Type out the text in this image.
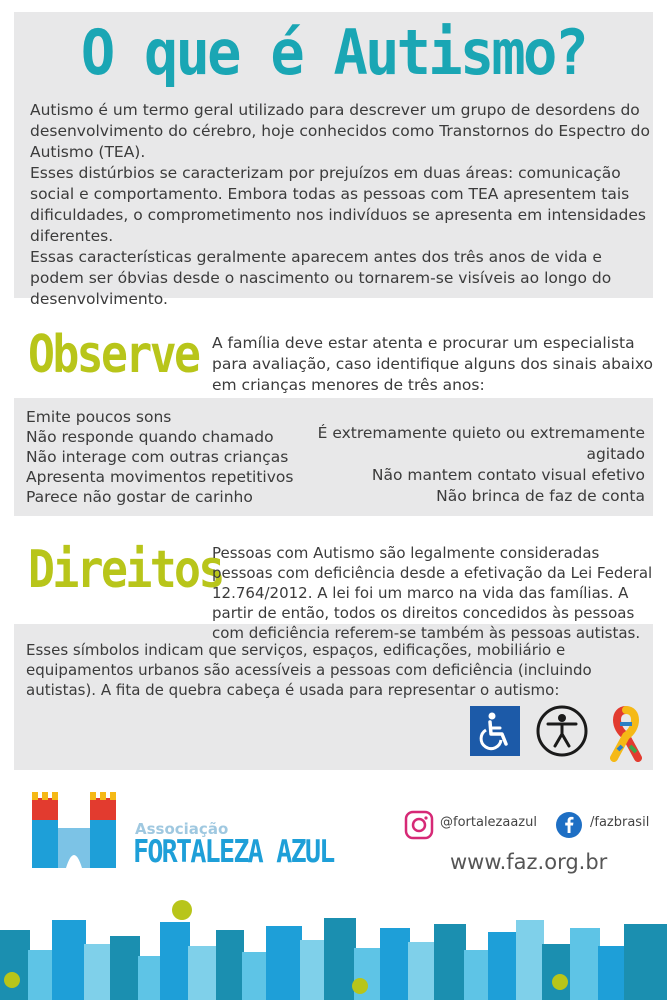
O que é Autismo?

Autismo é um termo geral utilizado para descrever um grupo de desordens do desenvolvimento do cérebro, hoje conhecidos como Transtornos do Espectro do Autismo (TEA).

Esses distúrbios se caracterizam por prejuízos em duas áreas: comunicação social e comportamento. Embora todas as pessoas com TEA apresentem tais dificuldades, o comprometimento nos indivíduos se apresenta em intensidades diferentes.

Essas características geralmente aparecem antes dos três anos de vida e podem ser óbvias desde o nascimento ou tornarem-se visíveis ao longo do desenvolvimento.

Observe A família deve estar atenta e procurar um especialista para avaliação, caso identifique alguns dos sinais abaixo em crianças menores de três anos:
Emite poucos sons
Não responde quando chamado
Não interage com outras crianças
Apresenta movimentos repetitivos
Parece não gostar de carinho
É extremamente quieto ou extremamente agitado
Não mantem contato visual efetivo
Não brinca de faz de conta
Direitos
Pessoas com Autismo são legalmente consideradas pessoas com deficiência desde a efetivação da Lei Federal 12.764/2012. A lei foi um marco na vida das famílias. A partir de então, todos os direitos concedidos às pessoas com deficiência referem-se também às pessoas autistas.
Esses símbolos indicam que serviços, espaços, edificações, mobiliário e equipamentos urbanos são acessíveis a pessoas com deficiência (incluindo autistas). A fita de quebra cabeça é usada para representar o autismo:
Associação
FORTALEZA AZUL
@fortalezaazul	/fazbrasil
www.faz.org.br
